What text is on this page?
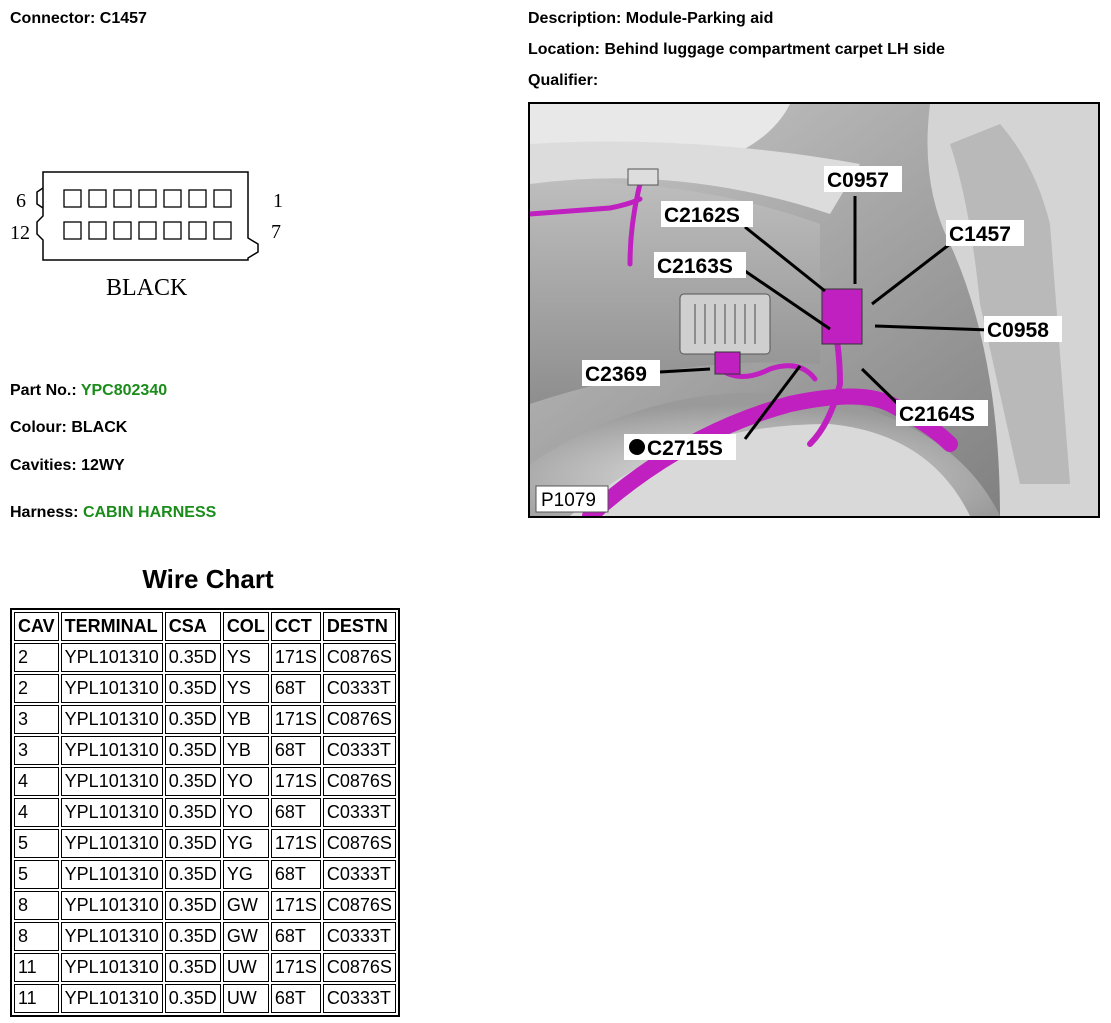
Connector: C1457	Description: Module-Parking aid
Location: Behind luggage compartment carpet LH side
Qualifier:
6
12
1
7
BLACK
Part No.: YPC802340
Colour: BLACK
Cavities: 12WY
Harness: CABIN HARNESS
C0957
C2162S
C1457
C2163S
C0958
C2369
C2164S
C2715S
P1079
Wire Chart
CAV	TERMINAL	CSA	COL	CCT	DESTN
2	YPL101310	0.35D	YS	171S	C0876S
2	YPL101310	0.35D	YS	68T	C0333T
3	YPL101310	0.35D	YB	171S	C0876S
3	YPL101310	0.35D	YB	68T	C0333T
4	YPL101310	0.35D	YO	171S	C0876S
4	YPL101310	0.35D	YO	68T	C0333T
5	YPL101310	0.35D	YG	171S	C0876S
5	YPL101310	0.35D	YG	68T	C0333T
8	YPL101310	0.35D	GW	171S	C0876S
8	YPL101310	0.35D	GW	68T	C0333T
11	YPL101310	0.35D	UW	171S	C0876S
11	YPL101310	0.35D	UW	68T	C0333T
